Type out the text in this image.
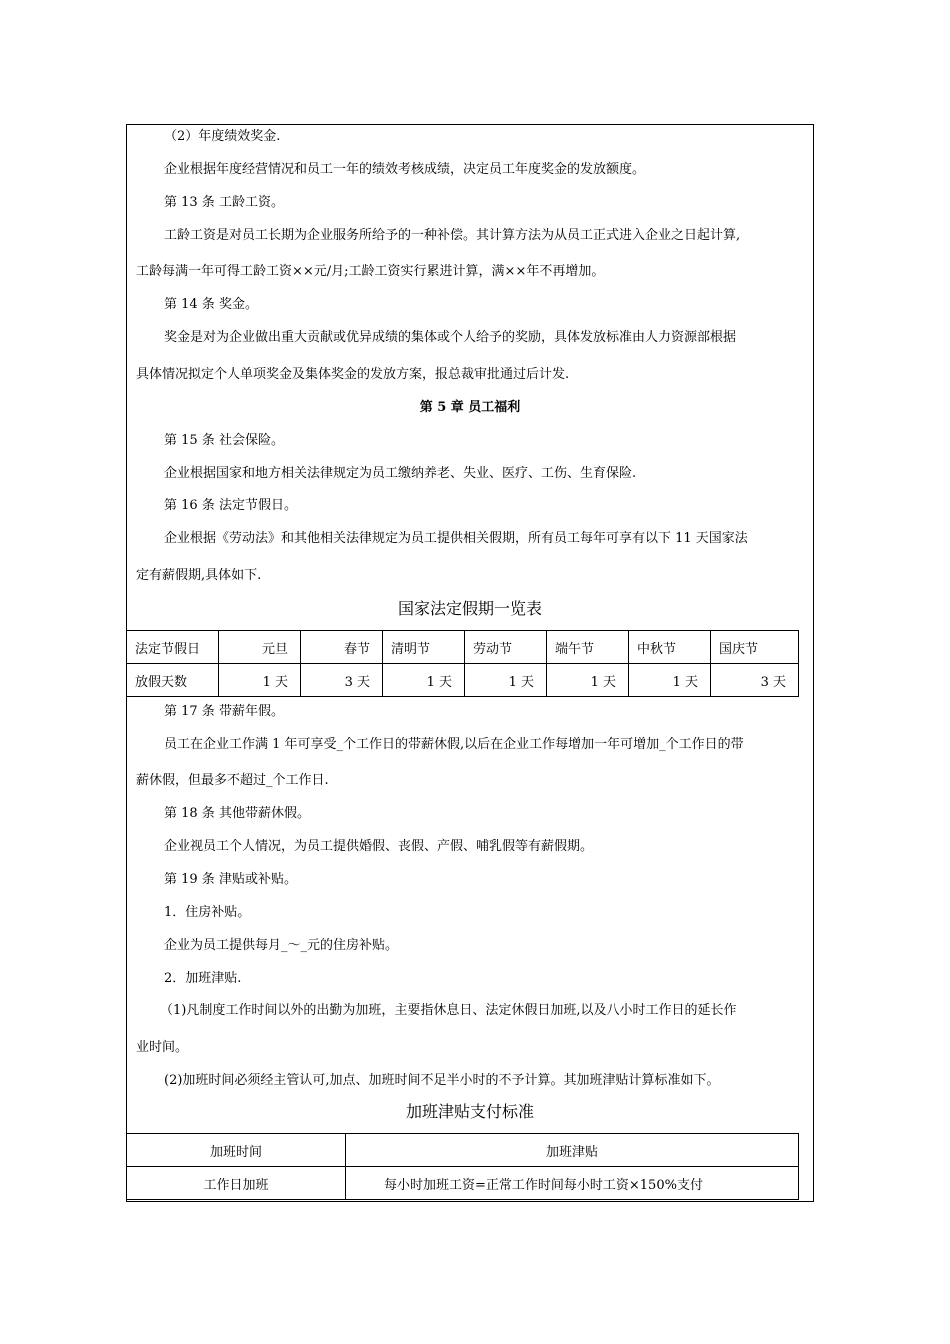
（2）年度绩效奖金.
企业根据年度经营情况和员工一年的绩效考核成绩，决定员工年度奖金的发放额度。
第 13 条 工龄工资。
工龄工资是对员工长期为企业服务所给予的一种补偿。其计算方法为从员工正式进入企业之日起计算,
工龄每满一年可得工龄工资××元/月;工龄工资实行累进计算，满××年不再增加。
第 14 条 奖金。
奖金是对为企业做出重大贡献或优异成绩的集体或个人给予的奖励，具体发放标准由人力资源部根据
具体情况拟定个人单项奖金及集体奖金的发放方案，报总裁审批通过后计发.
第 5 章 员工福利
第 15 条 社会保险。
企业根据国家和地方相关法律规定为员工缴纳养老、失业、医疗、工伤、生育保险.
第 16 条 法定节假日。
企业根据《劳动法》和其他相关法律规定为员工提供相关假期，所有员工每年可享有以下 11 天国家法
定有薪假期,具体如下.
国家法定假期一览表
法定节假日	元旦	春节	清明节	劳动节	端午节	中秋节	国庆节
放假天数	1 天	3 天	1 天	1 天	1 天	1 天	3 天
第 17 条 带薪年假。
员工在企业工作满 1 年可享受_个工作日的带薪休假,以后在企业工作每增加一年可增加_个工作日的带
薪休假，但最多不超过_个工作日.
第 18 条 其他带薪休假。
企业视员工个人情况，为员工提供婚假、丧假、产假、哺乳假等有薪假期。
第 19 条 津贴或补贴。
1．住房补贴。
企业为员工提供每月_～_元的住房补贴。
2．加班津贴.
（1)凡制度工作时间以外的出勤为加班，主要指休息日、法定休假日加班,以及八小时工作日的延长作
业时间。
(2)加班时间必须经主管认可,加点、加班时间不足半小时的不予计算。其加班津贴计算标准如下。
加班津贴支付标准
加班时间	加班津贴
工作日加班	每小时加班工资=正常工作时间每小时工资×150%支付
